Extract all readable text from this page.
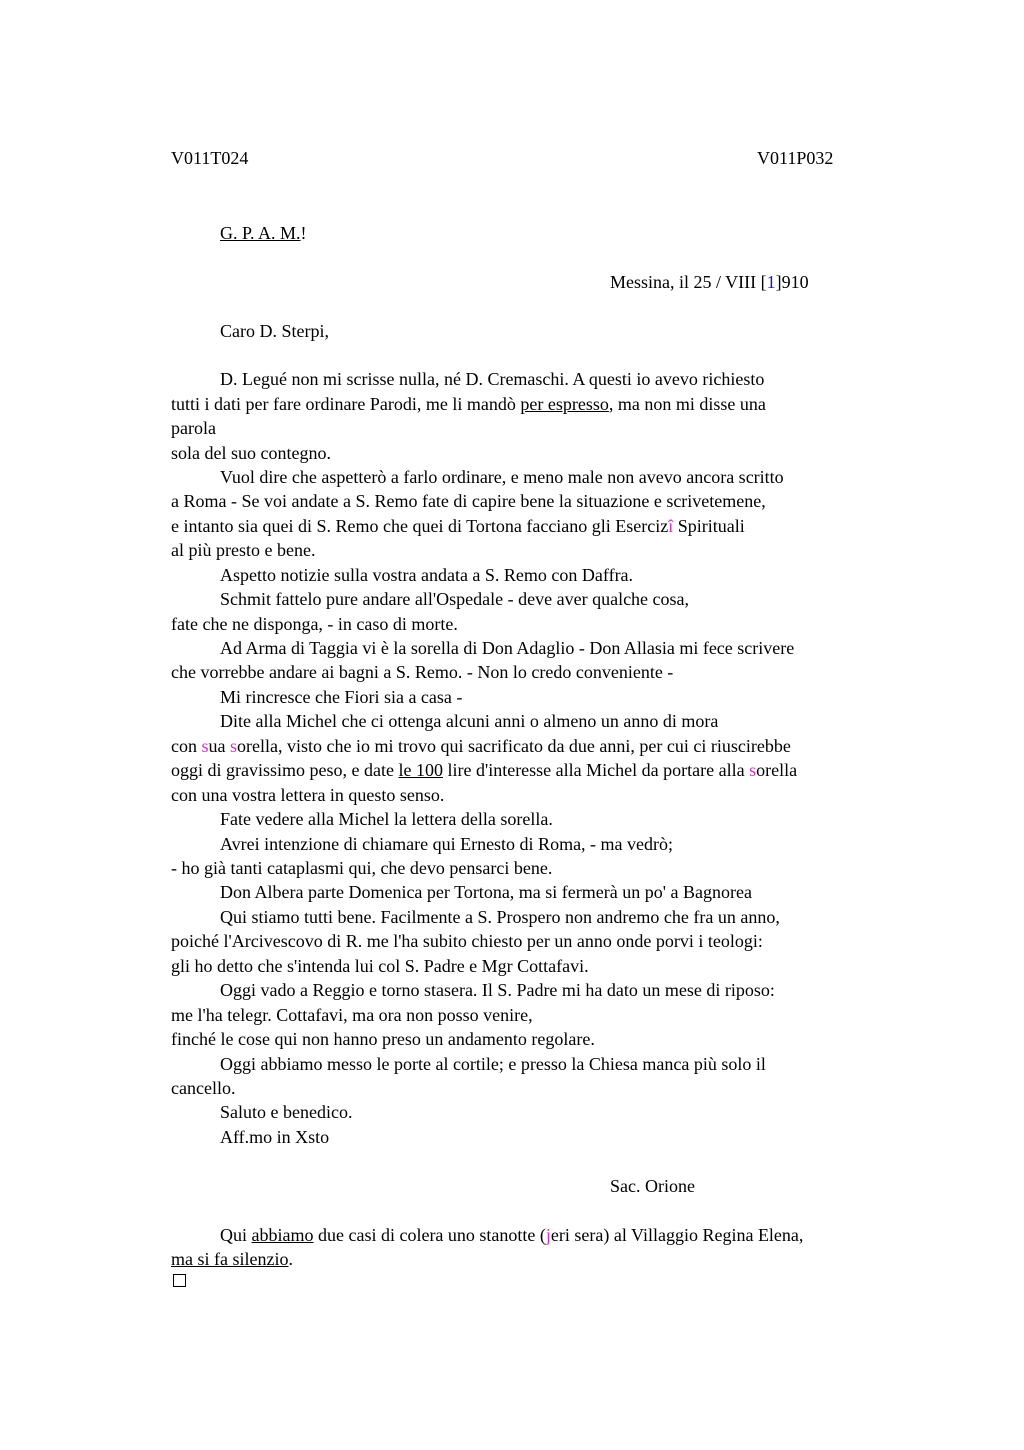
V011T024	V011P032
G. P. A. M.!
Messina, il 25 / VIII [1]910
Caro D. Sterpi,
D. Legué non mi scrisse nulla, né D. Cremaschi. A questi io avevo richiesto
tutti i dati per fare ordinare Parodi, me li mandò per espresso, ma non mi disse una
parola
sola del suo contegno.
Vuol dire che aspetterò a farlo ordinare, e meno male non avevo ancora scritto
a Roma - Se voi andate a S. Remo fate di capire bene la situazione e scrivetemene,
e intanto sia quei di S. Remo che quei di Tortona facciano gli Esercizî Spirituali
al più presto e bene.
Aspetto notizie sulla vostra andata a S. Remo con Daffra.
Schmit fattelo pure andare all'Ospedale - deve aver qualche cosa,
fate che ne disponga, - in caso di morte.
Ad Arma di Taggia vi è la sorella di Don Adaglio - Don Allasia mi fece scrivere
che vorrebbe andare ai bagni a S. Remo. - Non lo credo conveniente -
Mi rincresce che Fiori sia a casa -
Dite alla Michel che ci ottenga alcuni anni o almeno un anno di mora
con sua sorella, visto che io mi trovo qui sacrificato da due anni, per cui ci riuscirebbe
oggi di gravissimo peso, e date le 100 lire d'interesse alla Michel da portare alla sorella
con una vostra lettera in questo senso.
Fate vedere alla Michel la lettera della sorella.
Avrei intenzione di chiamare qui Ernesto di Roma, - ma vedrò;
- ho già tanti cataplasmi qui, che devo pensarci bene.
Don Albera parte Domenica per Tortona, ma si fermerà un po' a Bagnorea
Qui stiamo tutti bene. Facilmente a S. Prospero non andremo che fra un anno,
poiché l'Arcivescovo di R. me l'ha subito chiesto per un anno onde porvi i teologi:
gli ho detto che s'intenda lui col S. Padre e Mgr Cottafavi.
Oggi vado a Reggio e torno stasera. Il S. Padre mi ha dato un mese di riposo:
me l'ha telegr. Cottafavi, ma ora non posso venire,
finché le cose qui non hanno preso un andamento regolare.
Oggi abbiamo messo le porte al cortile; e presso la Chiesa manca più solo il
cancello.
Saluto e benedico.
Aff.mo in Xsto
Sac. Orione
Qui abbiamo due casi di colera uno stanotte (jeri sera) al Villaggio Regina Elena,
ma si fa silenzio.
